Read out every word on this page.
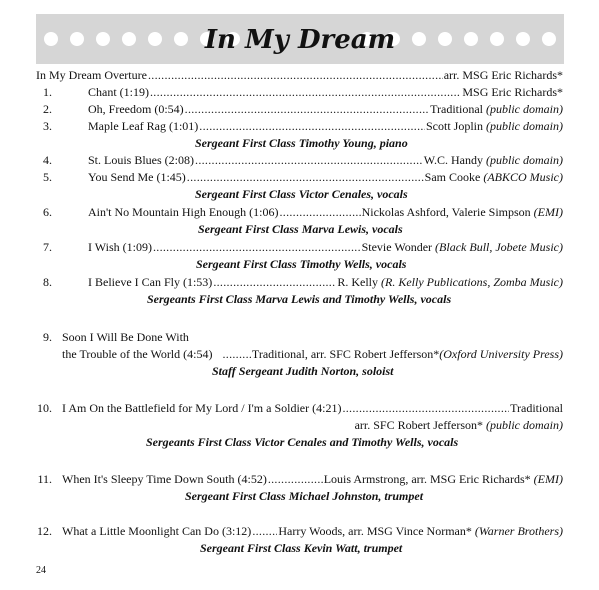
In My Dream
In My Dream Overture .....	arr. MSG Eric Richards*
1.	Chant (1:19) .....	MSG Eric Richards*
2.	Oh, Freedom (0:54) .....	Traditional (public domain)
3.	Maple Leaf Rag (1:01) .....	Scott Joplin (public domain)
Sergeant First Class Timothy Young, piano
4.	St. Louis Blues (2:08) .....	W.C. Handy (public domain)
5.	You Send Me (1:45) .....	Sam Cooke (ABKCO Music)
Sergeant First Class Victor Cenales, vocals
6.	Ain't No Mountain High Enough (1:06) .....	Nickolas Ashford, Valerie Simpson (EMI)
Sergeant First Class Marva Lewis, vocals
7.	I Wish (1:09) .....	Stevie Wonder (Black Bull, Jobete Music)
Sergeant First Class Timothy Wells, vocals
8.	I Believe I Can Fly (1:53) .....	R. Kelly (R. Kelly Publications, Zomba Music)
Sergeants First Class Marva Lewis and Timothy Wells, vocals
9. Soon I Will Be Done With
the Trouble of the World (4:54) .....	Traditional, arr. SFC Robert Jefferson*(Oxford University Press)
Staff Sergeant Judith Norton, soloist
10. I Am On the Battlefield for My Lord / I'm a Soldier (4:21) .....	Traditional
arr. SFC Robert Jefferson* (public domain)
Sergeants First Class Victor Cenales and Timothy Wells, vocals
11. When It's Sleepy Time Down South (4:52) .....	Louis Armstrong, arr. MSG Eric Richards* (EMI)
Sergeant First Class Michael Johnston, trumpet
12. What a Little Moonlight Can Do (3:12) ..... Harry Woods, arr. MSG Vince Norman* (Warner Brothers)
Sergeant First Class Kevin Watt, trumpet
24
